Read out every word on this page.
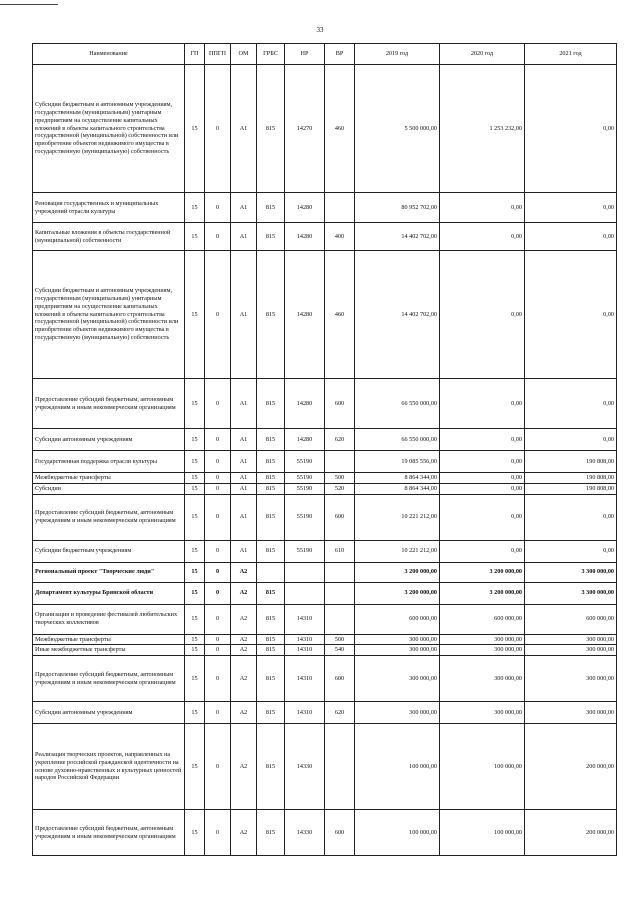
33
Наименование	ГП	ППГП	ОМ	ГРБС	НР	ВР	2019 год	2020 год	2021 год
Субсидии бюджетным и автономным учреждениям, государственным (муниципальным) унитарным предприятиям на осуществление капитальных вложений в объекты капитального строительства государственной (муниципальной) собственности или приобретение объектов недвижимого имущества в государственную (муниципальную) собственность	15	0	А1	815	14270	460	5 500 000,00	1 253 232,00	0,00
Реновация государственных и муниципальных учреждений отрасли культуры	15	0	А1	815	14280		80 952 702,00	0,00	0,00
Капитальные вложения в объекты государственной (муниципальной) собственности	15	0	А1	815	14280	400	14 402 702,00	0,00	0,00
Субсидии бюджетным и автономным учреждениям, государственным (муниципальным) унитарным предприятиям на осуществление капитальных вложений в объекты капитального строительства государственной (муниципальной) собственности или приобретение объектов недвижимого имущества в государственную (муниципальную) собственность	15	0	А1	815	14280	460	14 402 702,00	0,00	0,00
Предоставление субсидий бюджетным, автономным учреждениям и иным некоммерческим организациям	15	0	А1	815	14280	600	66 550 000,00	0,00	0,00
Субсидии автономным учреждениям	15	0	А1	815	14280	620	66 550 000,00	0,00	0,00
Государственная поддержка отрасли культуры	15	0	А1	815	55190		19 085 556,00	0,00	190 808,00
Межбюджетные трансферты	15	0	А1	815	55190	500	8 864 344,00	0,00	190 808,00
Субсидии	15	0	А1	815	55190	520	8 864 344,00	0,00	190 808,00
Предоставление субсидий бюджетным, автономным учреждениям и иным некоммерческим организациям	15	0	А1	815	55190	600	10 221 212,00	0,00	0,00
Субсидии бюджетным учреждениям	15	0	А1	815	55190	610	10 221 212,00	0,00	0,00
Региональный проект "Творческие люди"	15	0	А2				3 200 000,00	3 200 000,00	3 300 000,00
Департамент культуры Брянской области	15	0	А2	815			3 200 000,00	3 200 000,00	3 300 000,00
Организация и проведение фестивалей любительских творческих коллективов	15	0	А2	815	14310		600 000,00	600 000,00	600 000,00
Межбюджетные трансферты	15	0	А2	815	14310	500	300 000,00	300 000,00	300 000,00
Иные межбюджетные трансферты	15	0	А2	815	14310	540	300 000,00	300 000,00	300 000,00
Предоставление субсидий бюджетным, автономным учреждениям и иным некоммерческим организациям	15	0	А2	815	14310	600	300 000,00	300 000,00	300 000,00
Субсидии автономным учреждениям	15	0	А2	815	14310	620	300 000,00	300 000,00	300 000,00
Реализация творческих проектов, направленных на укрепление российской гражданской идентичности на основе духовно-нравственных и культурных ценностей народов Российской Федерации	15	0	А2	815	14330		100 000,00	100 000,00	200 000,00
Предоставление субсидий бюджетным, автономным учреждениям и иным некоммерческим организациям	15	0	А2	815	14330	600	100 000,00	100 000,00	200 000,00
